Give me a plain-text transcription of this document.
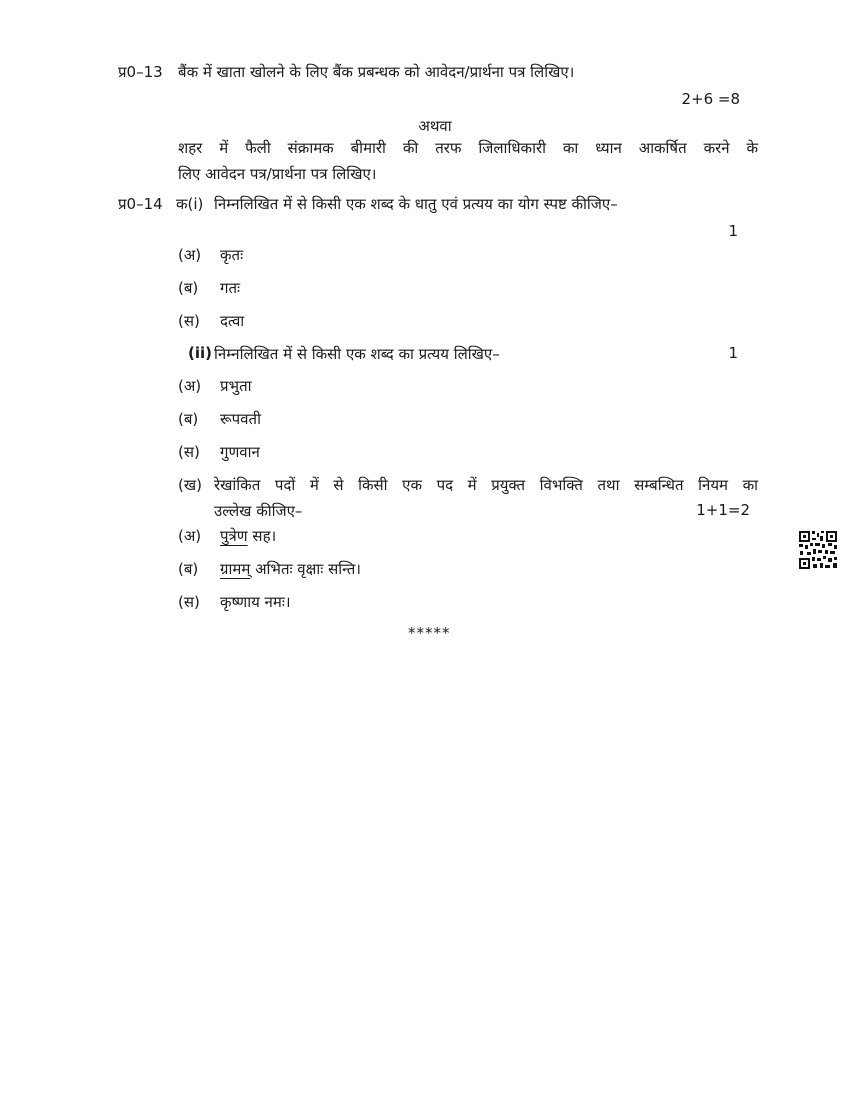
प्र0–13 बैंक में खाता खोलने के लिए बैंक प्रबन्धक को आवेदन/प्रार्थना पत्र लिखिए।
2+6 =8
अथवा
शहर में फैली संक्रामक बीमारी की तरफ जिलाधिकारी का ध्यान आकर्षित करने के
लिए आवेदन पत्र/प्रार्थना पत्र लिखिए।
प्र0–14 क(i) निम्नलिखित में से किसी एक शब्द के धातु एवं प्रत्यय का योग स्पष्ट कीजिए–
1
(अ) कृतः
(ब) गतः
(स) दत्वा
(ii) निम्नलिखित में से किसी एक शब्द का प्रत्यय लिखिए–	1
(अ) प्रभुता
(ब) रूपवती
(स) गुणवान
(ख) रेखांकित पदों में से किसी एक पद में प्रयुक्त विभक्ति तथा सम्बन्धित नियम का
उल्लेख कीजिए–	1+1=2
(अ) पुत्रेण सह।
(ब) ग्रामम् अभितः वृक्षाः सन्ति।
(स) कृष्णाय नमः।
*****
